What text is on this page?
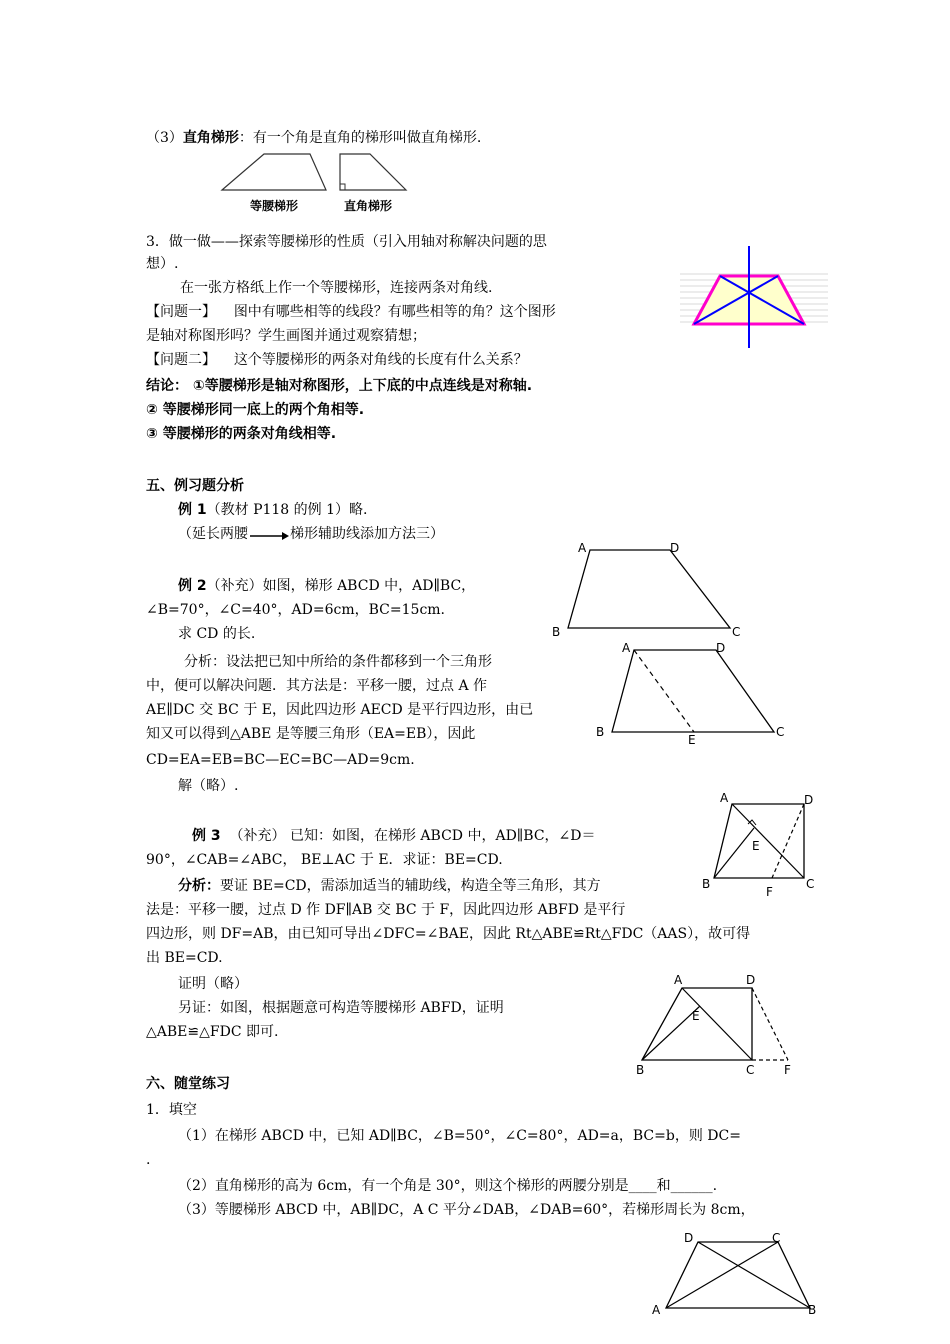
（3）直角梯形：有一个角是直角的梯形叫做直角梯形.
等腰梯形	直角梯形
3．做一做——探索等腰梯形的性质（引入用轴对称解决问题的思
想）.
在一张方格纸上作一个等腰梯形，连接两条对角线.
【问题一】 图中有哪些相等的线段？有哪些相等的角？这个图形
是轴对称图形吗？学生画图并通过观察猜想；
【问题二】 这个等腰梯形的两条对角线的长度有什么关系？
结论： ①等腰梯形是轴对称图形，上下底的中点连线是对称轴.
② 等腰梯形同一底上的两个角相等.
③ 等腰梯形的两条对角线相等.
五、例习题分析
例 1（教材 P118 的例 1）略.
（延长两腰	梯形辅助线添加方法三）
例 2（补充）如图，梯形 ABCD 中，AD∥BC，
∠B=70°，∠C=40°，AD=6cm，BC=15cm.
求 CD 的长.
分析：设法把已知中所给的条件都移到一个三角形
中，便可以解决问题．其方法是：平移一腰，过点 A 作
AE∥DC 交 BC 于 E，因此四边形 AECD 是平行四边形，由已
知又可以得到△ABE 是等腰三角形（EA=EB），因此
CD=EA=EB=BC—EC=BC—AD=9cm.
解（略）.
A	D
B	C
A	D
B
E
C
例 3 （补充） 已知：如图，在梯形 ABCD 中，AD∥BC，∠D＝
90°，∠CAB=∠ABC， BE⊥AC 于 E．求证：BE=CD.
分析：要证 BE=CD，需添加适当的辅助线，构造全等三角形，其方
法是：平移一腰，过点 D 作 DF∥AB 交 BC 于 F，因此四边形 ABFD 是平行
四边形，则 DF=AB，由已知可导出∠DFC=∠BAE，因此 Rt△ABE≌Rt△FDC（AAS），故可得
出 BE=CD.
证明（略）
另证：如图，根据题意可构造等腰梯形 ABFD，证明
△ABE≌△FDC 即可.
A	D
E
B
F
C
A	D
E
B	C F
六、随堂练习
1．填空
（1）在梯形 ABCD 中，已知 AD∥BC，∠B=50°，∠C=80°，AD=a，BC=b，则 DC=
.
（2）直角梯形的高为 6cm，有一个角是 30°，则这个梯形的两腰分别是____和______.
（3）等腰梯形 ABCD 中，AB∥DC，A C 平分∠DAB，∠DAB=60°，若梯形周长为 8cm，
D	C
A	B
